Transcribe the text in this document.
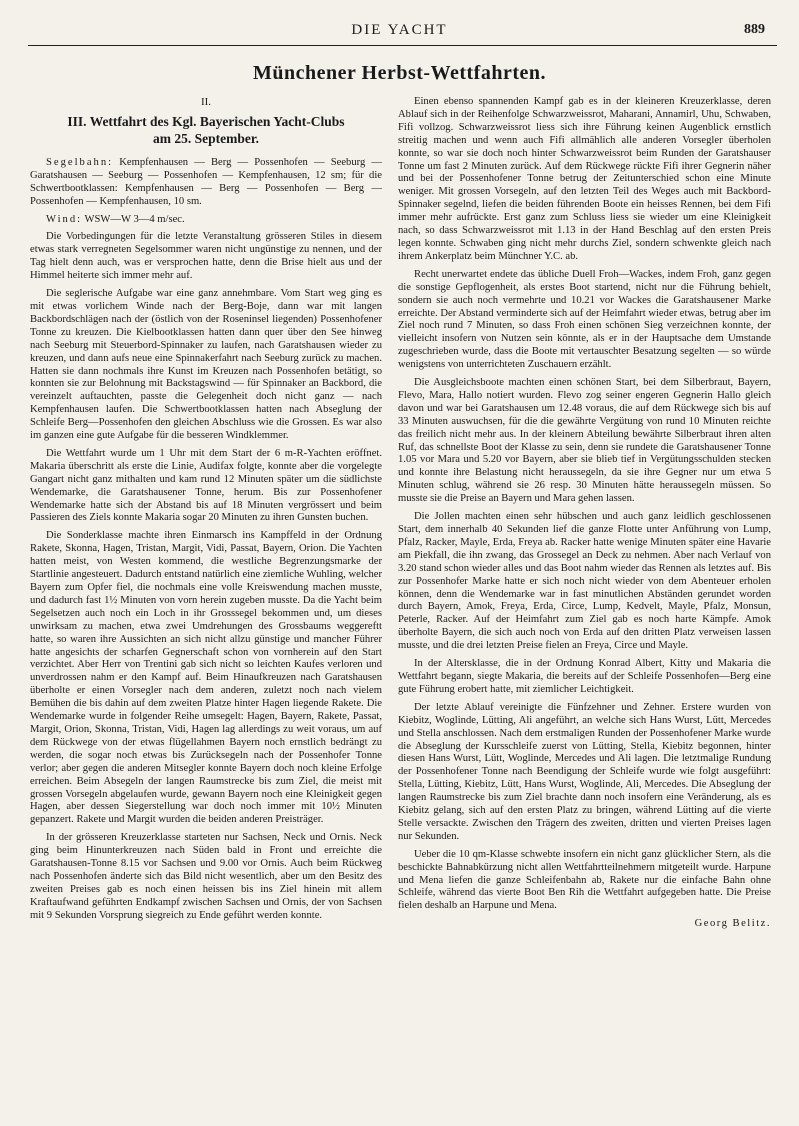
DIE YACHT	889
Münchener Herbst-Wettfahrten.
II.
III. Wettfahrt des Kgl. Bayerischen Yacht-Clubs
am 25. September.

Segelbahn: Kempfenhausen — Berg — Possenhofen — Seeburg — Garatshausen — Seeburg — Possenhofen — Kempfenhausen, 12 sm; für die Schwertbootklassen: Kempfenhausen — Berg — Possenhofen — Berg — Possenhofen — Kempfenhausen, 10 sm.

Wind: WSW—W 3—4 m/sec.

Die Vorbedingungen für die letzte Veranstaltung grösseren Stiles in diesem etwas stark verregneten Segelsommer waren nicht ungünstige zu nennen, und der Tag hielt denn auch, was er versprochen hatte, denn die Brise hielt aus und der Himmel heiterte sich immer mehr auf.

Die seglerische Aufgabe war eine ganz annehmbare. Vom Start weg ging es mit etwas vorlichem Winde nach der Berg-Boje, dann war mit langen Backbordschlägen nach der (östlich von der Roseninsel liegenden) Possenhofener Tonne zu kreuzen. Die Kielbootklassen hatten dann quer über den See hinweg nach Seeburg mit Steuerbord-Spinnaker zu laufen, nach Garatshausen wieder zu kreuzen, und dann aufs neue eine Spinnakerfahrt nach Seeburg zurück zu machen. Hatten sie dann nochmals ihre Kunst im Kreuzen nach Possenhofen betätigt, so konnten sie zur Belohnung mit Backstagswind — für Spinnaker an Backbord, die vereinzelt auftauchten, passte die Gelegenheit doch nicht ganz — nach Kempfenhausen laufen. Die Schwertbootklassen hatten nach Abseglung der Schleife Berg—Possenhofen den gleichen Abschluss wie die Grossen. Es war also im ganzen eine gute Aufgabe für die besseren Windklemmer.

Die Wettfahrt wurde um 1 Uhr mit dem Start der 6 m-R-Yachten eröffnet. Makaria überschritt als erste die Linie, Audifax folgte, konnte aber die vorgelegte Gangart nicht ganz mithalten und kam rund 12 Minuten später um die südlichste Wendemarke, die Garatshausener Tonne, herum. Bis zur Possenhofener Wendemarke hatte sich der Abstand bis auf 18 Minuten vergrössert und beim Passieren des Ziels konnte Makaria sogar 20 Minuten zu ihren Gunsten buchen.

Die Sonderklasse machte ihren Einmarsch ins Kampffeld in der Ordnung Rakete, Skonna, Hagen, Tristan, Margit, Vidi, Passat, Bayern, Orion. Die Yachten hatten meist, von Westen kommend, die westliche Begrenzungsmarke der Startlinie angesteuert. Dadurch entstand natürlich eine ziemliche Wuhling, welcher Bayern zum Opfer fiel, die nochmals eine volle Kreiswendung machen musste, und dadurch fast 1½ Minuten von vorn herein zugeben musste. Da die Yacht beim Segelsetzen auch noch ein Loch in ihr Grosssegel bekommen und, um dieses unwirksam zu machen, etwa zwei Umdrehungen des Grossbaums weggereftt hatte, so waren ihre Aussichten an sich nicht allzu günstige und mancher Führer hatte angesichts der scharfen Gegnerschaft schon von vornherein auf den Start verzichtet. Aber Herr von Trentini gab sich nicht so leichten Kaufes verloren und unverdrossen nahm er den Kampf auf. Beim Hinaufkreuzen nach Garatshausen überholte er einen Vorsegler nach dem anderen, zuletzt noch nach vielem Bemühen die bis dahin auf dem zweiten Platze hinter Hagen liegende Rakete. Die Wendemarke wurde in folgender Reihe umsegelt: Hagen, Bayern, Rakete, Passat, Margit, Orion, Skonna, Tristan, Vidi, Hagen lag allerdings zu weit voraus, um auf dem Rückwege von der etwas flügellahmen Bayern noch ernstlich bedrängt zu werden, die sogar noch etwas bis Zurücksegeln nach der Possenhofer Tonne verlor; aber gegen die anderen Mitsegler konnte Bayern doch noch kleine Erfolge erreichen. Beim Absegeln der langen Raumstrecke bis zum Ziel, die meist mit grossen Vorsegeln abgelaufen wurde, gewann Bayern noch eine Kleinigkeit gegen Hagen, aber dessen Siegerstellung war doch noch immer mit 10½ Minuten gepanzert. Rakete und Margit wurden die beiden anderen Preisträger.

In der grösseren Kreuzerklasse starteten nur Sachsen, Neck und Ornis. Neck ging beim Hinunterkreuzen nach Süden bald in Front und erreichte die Garatshausen-Tonne 8.15 vor Sachsen und 9.00 vor Ornis. Auch beim Rückweg nach Possenhofen änderte sich das Bild nicht wesentlich, aber um den Besitz des zweiten Preises gab es noch einen heissen bis ins Ziel hinein mit allem Kraftaufwand geführten Endkampf zwischen Sachsen und Ornis, der von Sachsen mit 9 Sekunden Vorsprung siegreich zu Ende geführt werden konnte.

Einen ebenso spannenden Kampf gab es in der kleineren Kreuzerklasse, deren Ablauf sich in der Reihenfolge Schwarzweissrot, Maharani, Annamirl, Uhu, Schwaben, Fifi vollzog. Schwarzweissrot liess sich ihre Führung keinen Augenblick ernstlich streitig machen und wenn auch Fifi allmählich alle anderen Vorsegler überholen konnte, so war sie doch noch hinter Schwarzweissrot beim Runden der Garatshauser Tonne um fast 2 Minuten zurück. Auf dem Rückwege rückte Fifi ihrer Gegnerin näher und bei der Possenhofener Tonne betrug der Zeitunterschied schon eine Minute weniger. Mit grossen Vorsegeln, auf den letzten Teil des Weges auch mit Backbord-Spinnaker segelnd, liefen die beiden führenden Boote ein heisses Rennen, bei dem Fifi immer mehr aufrückte. Erst ganz zum Schluss liess sie wieder um eine Kleinigkeit nach, so dass Schwarzweissrot mit 1.13 in der Hand Beschlag auf den ersten Preis legen konnte. Schwaben ging nicht mehr durchs Ziel, sondern schwenkte gleich nach ihrem Ankerplatz beim Münchner Y.C. ab.

Recht unerwartet endete das übliche Duell Froh—Wackes, indem Froh, ganz gegen die sonstige Gepflogenheit, als erstes Boot startend, nicht nur die Führung behielt, sondern sie auch noch vermehrte und 10.21 vor Wackes die Garatshausener Marke erreichte. Der Abstand verminderte sich auf der Heimfahrt wieder etwas, betrug aber im Ziel noch rund 7 Minuten, so dass Froh einen schönen Sieg verzeichnen konnte, der vielleicht insofern von Nutzen sein könnte, als er in der Hauptsache dem Umstande zugeschrieben wurde, dass die Boote mit vertauschter Besatzung segelten — so würde wenigstens von unterrichteten Zuschauern erzählt.

Die Ausgleichsboote machten einen schönen Start, bei dem Silberbraut, Bayern, Flevo, Mara, Hallo notiert wurden. Flevo zog seiner engeren Gegnerin Hallo gleich davon und war bei Garatshausen um 12.48 voraus, die auf dem Rückwege sich bis auf 33 Minuten auswuchsen, für die die gewährte Vergütung von rund 10 Minuten reichte das freilich nicht mehr aus. In der kleinern Abteilung bewährte Silberbraut ihren alten Ruf, das schnellste Boot der Klasse zu sein, denn sie rundete die Garatshausener Tonne 1.05 vor Mara und 5.20 vor Bayern, aber sie blieb tief in Vergütungsschulden stecken und konnte ihre Belastung nicht heraussegeln, da sie ihre Gegner nur um etwa 5 Minuten schlug, während sie 26 resp. 30 Minuten hätte heraussegeln müssen. So musste sie die Preise an Bayern und Mara gehen lassen.

Die Jollen machten einen sehr hübschen und auch ganz leidlich geschlossenen Start, dem innerhalb 40 Sekunden lief die ganze Flotte unter Anführung von Lump, Pfalz, Racker, Mayle, Erda, Freya ab. Racker hatte wenige Minuten später eine Havarie am Piekfall, die ihn zwang, das Grossegel an Deck zu nehmen. Aber nach Verlauf von 3.20 stand schon wieder alles und das Boot nahm wieder das Rennen als letztes auf. Bis zur Possenhofer Marke hatte er sich noch nicht wieder von dem Abenteuer erholen können, denn die Wendemarke war in fast minutlichen Abständen gerundet worden durch Bayern, Amok, Freya, Erda, Circe, Lump, Kedvelt, Mayle, Pfalz, Monsun, Peterle, Racker. Auf der Heimfahrt zum Ziel gab es noch harte Kämpfe. Amok überholte Bayern, die sich auch noch von Erda auf den dritten Platz verweisen lassen musste, und die drei letzten Preise fielen an Freya, Circe und Mayle.

In der Altersklasse, die in der Ordnung Konrad Albert, Kitty und Makaria die Wettfahrt begann, siegte Makaria, die bereits auf der Schleife Possenhofen—Berg eine gute Führung erobert hatte, mit ziemlicher Leichtigkeit.

Der letzte Ablauf vereinigte die Fünfzehner und Zehner. Erstere wurden von Kiebitz, Woglinde, Lütting, Ali angeführt, an welche sich Hans Wurst, Lütt, Mercedes und Stella anschlossen. Nach dem erstmaligen Runden der Possenhofener Marke wurde die Abseglung der Kursschleife zuerst von Lütting, Stella, Kiebitz begonnen, hinter diesen Hans Wurst, Lütt, Woglinde, Mercedes und Ali lagen. Die letztmalige Rundung der Possenhofener Tonne nach Beendigung der Schleife wurde wie folgt ausgeführt: Stella, Lütting, Kiebitz, Lütt, Hans Wurst, Woglinde, Ali, Mercedes. Die Abseglung der langen Raumstrecke bis zum Ziel brachte dann noch insofern eine Veränderung, als es Kiebitz gelang, sich auf den ersten Platz zu bringen, während Lütting auf die vierte Stelle versackte. Zwischen den Trägern des zweiten, dritten und vierten Preises lagen nur Sekunden.

Ueber die 10 qm-Klasse schwebte insofern ein nicht ganz glücklicher Stern, als die beschickte Bahnabkürzung nicht allen Wettfahrtteilnehmern mitgeteilt wurde. Harpune und Mena liefen die ganze Schleifenbahn ab, Rakete nur die einfache Bahn ohne Schleife, während das vierte Boot Ben Rih die Wettfahrt aufgegeben hatte. Die Preise fielen deshalb an Harpune und Mena.

Georg Belitz.
